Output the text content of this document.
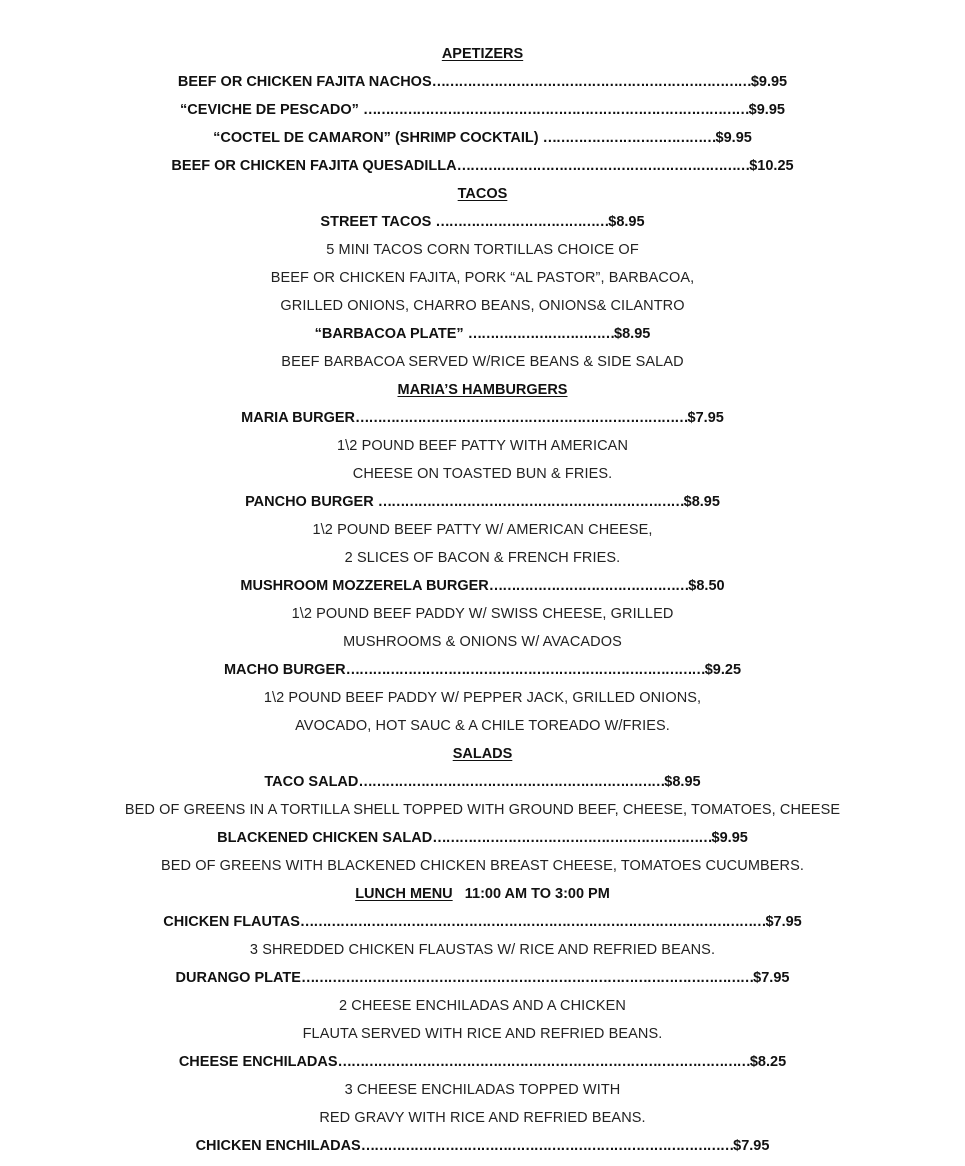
APETIZERS
BEEF OR CHICKEN FAJITA NACHOS………………………………………………………………$9.95
“CEVICHE DE PESCADO” ……………………………………………………………………………$9.95
“COCTEL DE CAMARON” (SHRIMP COCKTAIL) …………………………………$9.95
BEEF OR CHICKEN FAJITA QUESADILLA…………………………………………………………$10.25
TACOS
STREET TACOS …………………………………$8.95
5 MINI TACOS CORN TORTILLAS CHOICE OF
BEEF OR CHICKEN FAJITA, PORK “AL PASTOR”, BARBACOA,
GRILLED ONIONS, CHARRO BEANS, ONIONS& CILANTRO
“BARBACOA PLATE” ……………………………$8.95
BEEF BARBACOA SERVED W/RICE BEANS & SIDE SALAD
MARIA’S HAMBURGERS
MARIA BURGER…………………………………………………………………$7.95
1\2 POUND BEEF PATTY WITH AMERICAN
CHEESE ON TOASTED BUN & FRIES.
PANCHO BURGER ……………………………………………………………$8.95
1\2 POUND BEEF PATTY W/ AMERICAN CHEESE,
2 SLICES OF BACON & FRENCH FRIES.
MUSHROOM MOZZERELA BURGER………………………………………$8.50
1\2 POUND BEEF PADDY W/ SWISS CHEESE, GRILLED
MUSHROOMS & ONIONS W/ AVACADOS
MACHO BURGER………………………………………………………………………$9.25
1\2 POUND BEEF PADDY W/ PEPPER JACK, GRILLED ONIONS,
AVOCADO, HOT SAUC & A CHILE TOREADO W/FRIES.
SALADS
TACO SALAD……………………………………………………………$8.95
BED OF GREENS IN A TORTILLA SHELL TOPPED WITH GROUND BEEF, CHEESE, TOMATOES, CHEESE
BLACKENED CHICKEN SALAD………………………………………………………$9.95
BED OF GREENS WITH BLACKENED CHICKEN BREAST CHEESE, TOMATOES CUCUMBERS.
LUNCH MENU   11:00 AM TO 3:00 PM
CHICKEN FLAUTAS……………………………………………………………………………………………$7.95
3 SHREDDED CHICKEN FLAUSTAS W/ RICE AND REFRIED BEANS.
DURANGO PLATE…………………………………………………………………………………………$7.95
2 CHEESE ENCHILADAS AND A CHICKEN
FLAUTA SERVED WITH RICE AND REFRIED BEANS.
CHEESE ENCHILADAS…………………………………………………………………………………$8.25
3 CHEESE ENCHILADAS TOPPED WITH
RED GRAVY WITH RICE AND REFRIED BEANS.
CHICKEN ENCHILADAS…………………………………………………………………………$7.95
